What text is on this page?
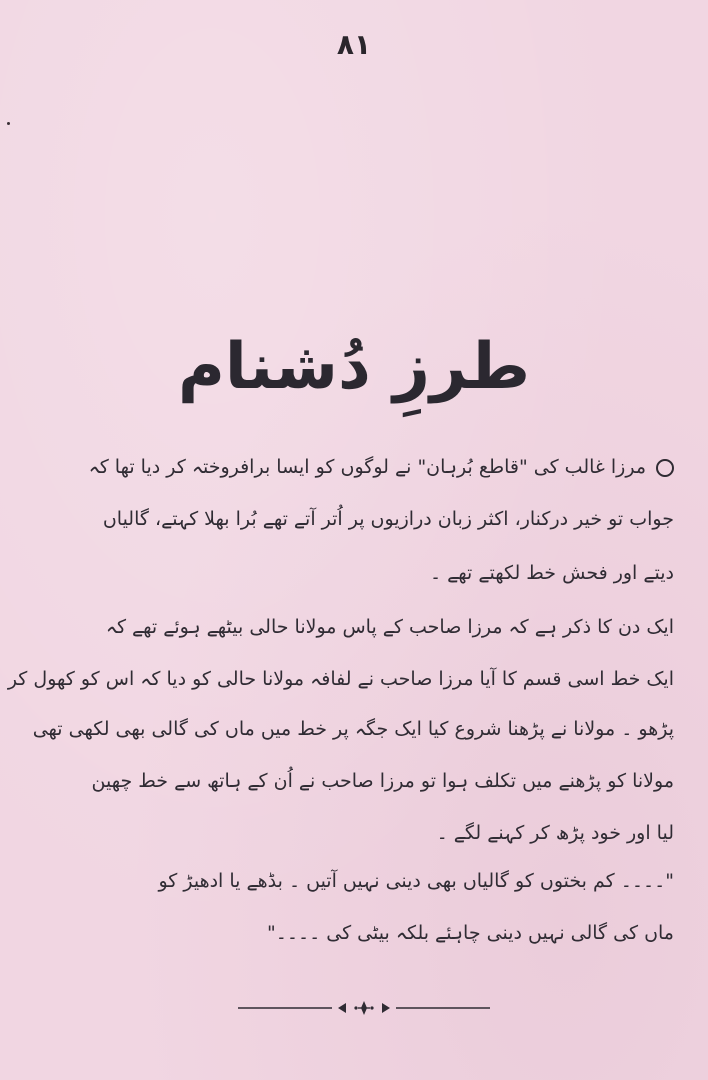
۸۱
طرزِ دُشنام
مرزا غالب کی "قاطع بُرہان" نے لوگوں کو ایسا برافروختہ کر دیا تھا کہ
جواب تو خیر درکنار، اکثر زبان درازیوں پر اُتر آتے تھے بُرا بھلا کہتے، گالیاں
دیتے اور فحش خط لکھتے تھے ۔
ایک دن کا ذکر ہے کہ مرزا صاحب کے پاس مولانا حالی بیٹھے ہوئے تھے کہ
ایک خط اسی قسم کا آیا مرزا صاحب نے لفافہ مولانا حالی کو دیا کہ اس کو کھول کر
پڑھو ۔ مولانا نے پڑھنا شروع کیا ایک جگہ پر خط میں ماں کی گالی بھی لکھی تھی
مولانا کو پڑھنے میں تکلف ہوا تو مرزا صاحب نے اُن کے ہاتھ سے خط چھین
لیا اور خود پڑھ کر کہنے لگے ۔
"۔۔۔۔ کم بختوں کو گالیاں بھی دینی نہیں آتیں ۔ بڈھے یا ادھیڑ کو
ماں کی گالی نہیں دینی چاہئے بلکہ بیٹی کی ۔۔۔۔"
